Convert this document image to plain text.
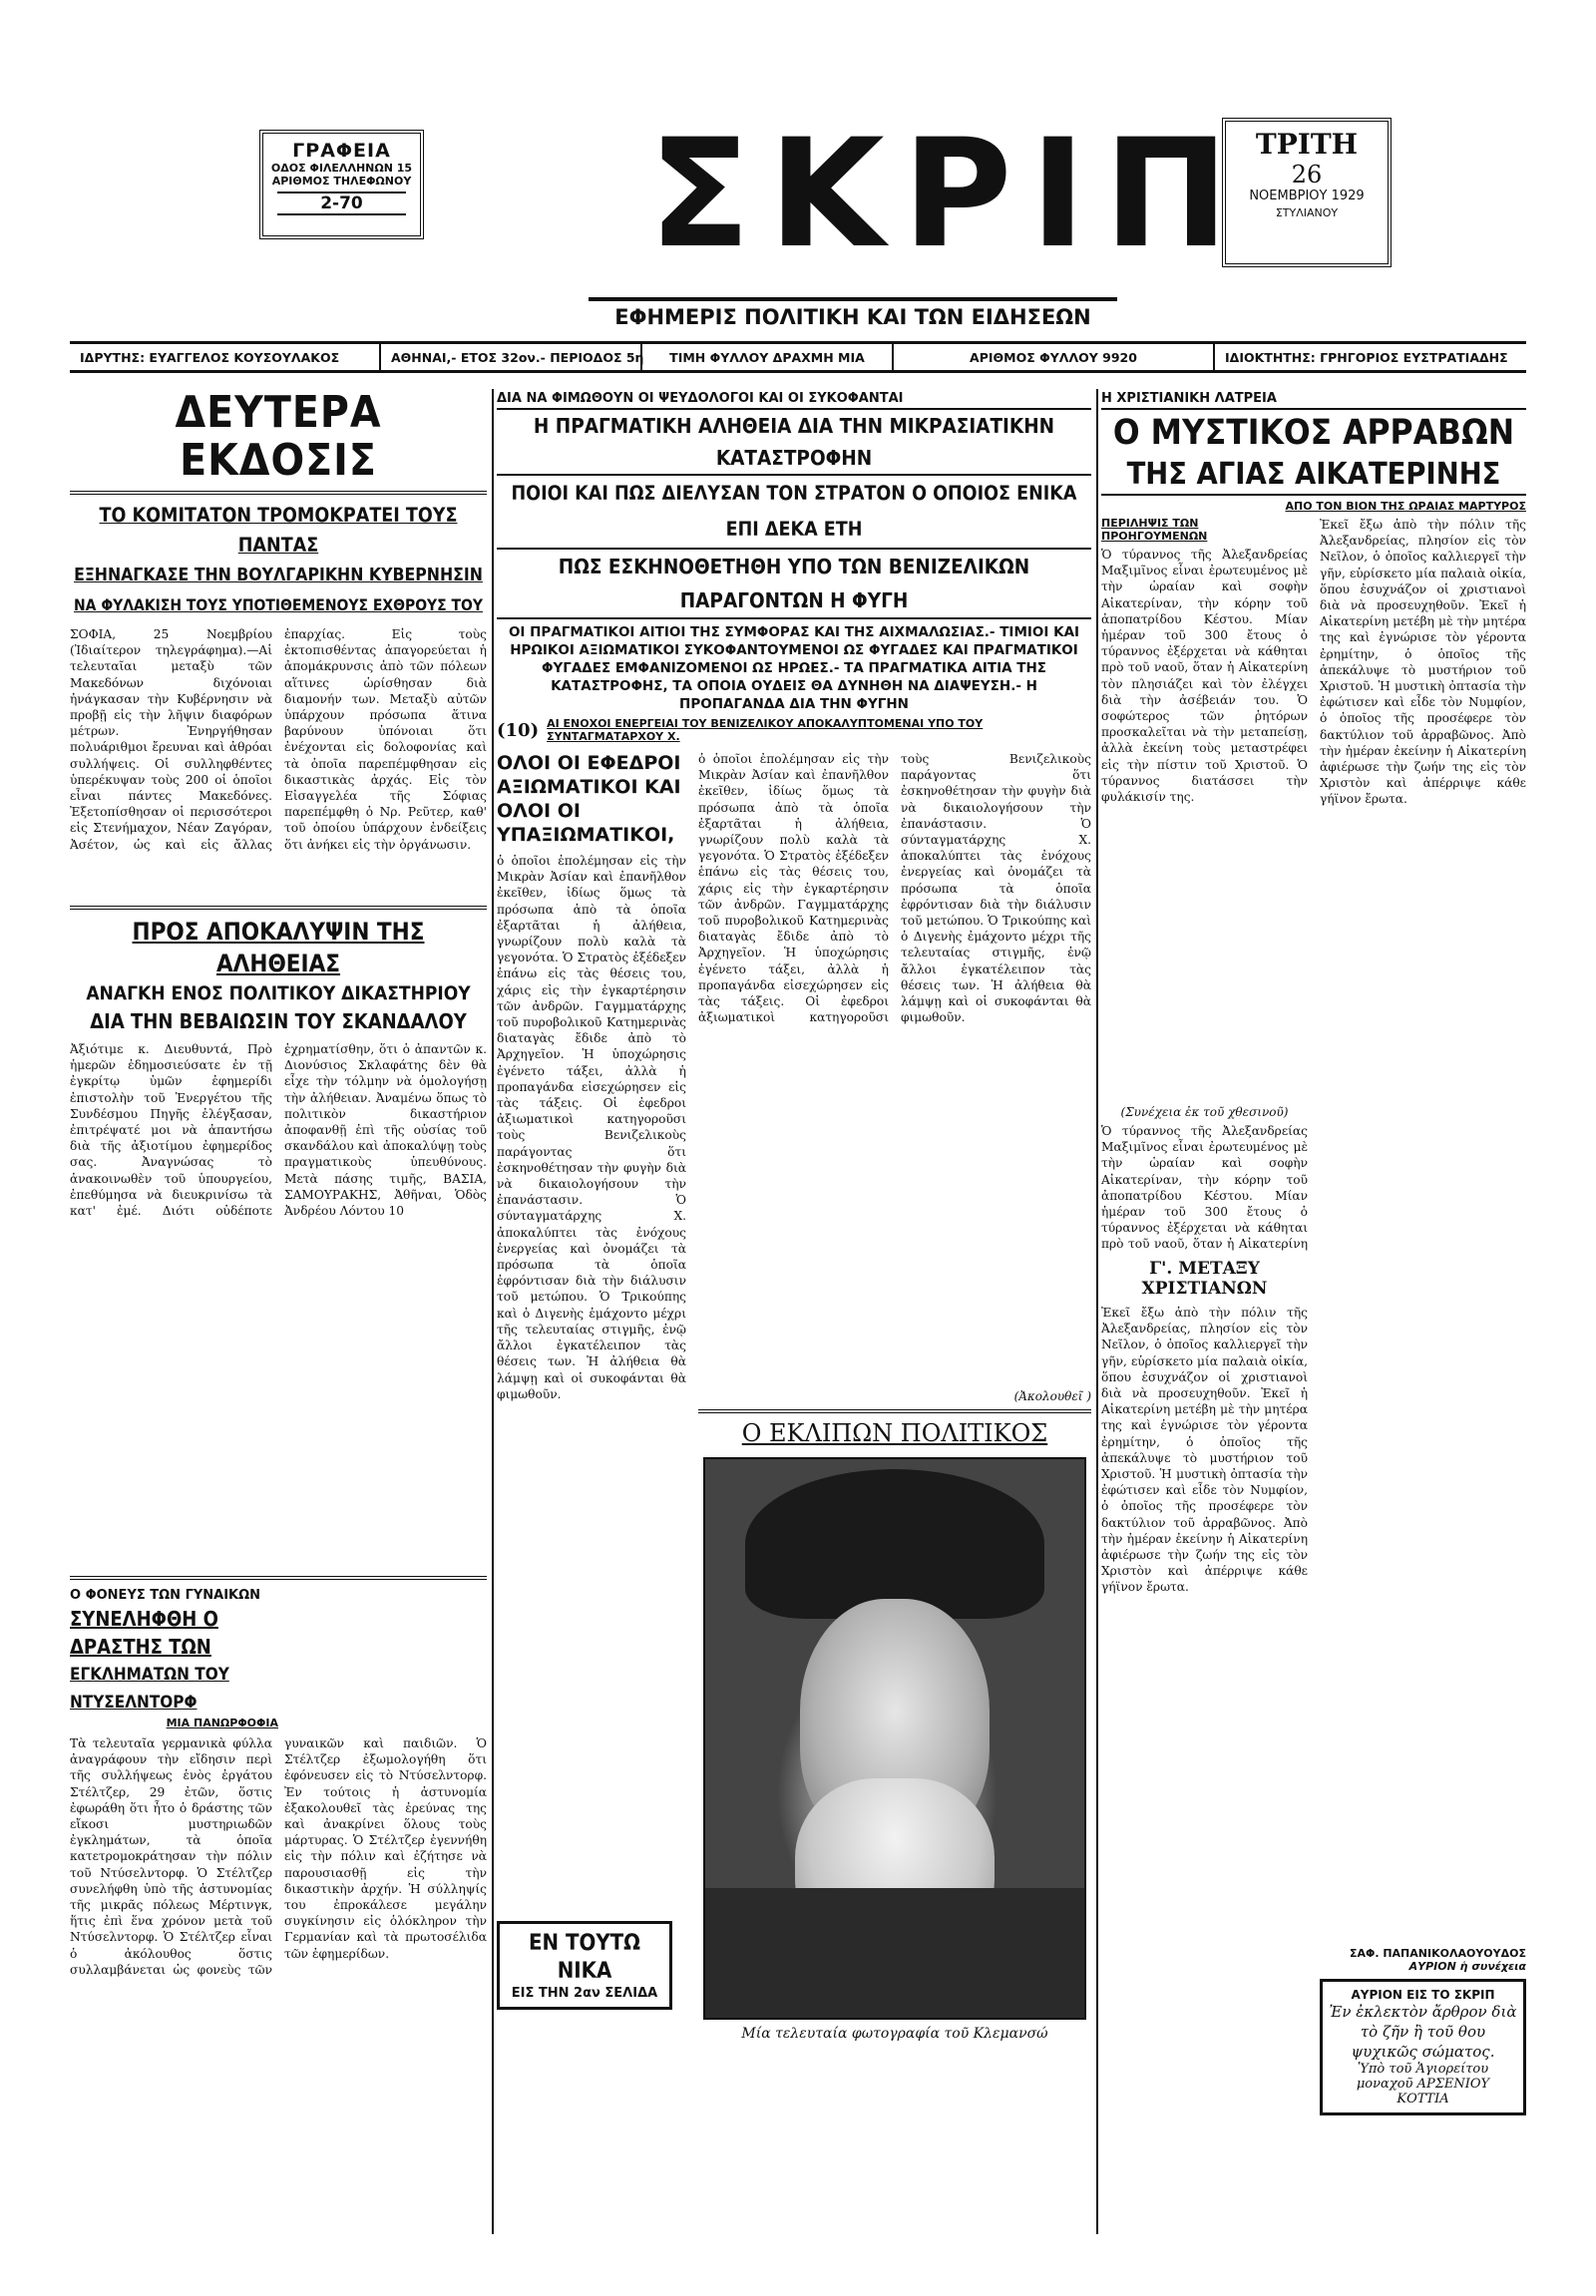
ΓΡΑΦΕΙΑ
ΟΔΟΣ ΦΙΛΕΛΛΗΝΩΝ 15
ΑΡΙΘΜΟΣ ΤΗΛΕΦΩΝΟΥ
2-70 ΣΚΡΙΠ ΤΡΙΤΗ
26
ΝΟΕΜΒΡΙΟΥ 1929
ΣΤΥΛΙΑΝΟΥ
ΕΦΗΜΕΡΙΣ ΠΟΛΙΤΙΚΗ ΚΑΙ ΤΩΝ ΕΙΔΗΣΕΩΝ
ΙΔΡΥΤΗΣ: ΕΥΑΓΓΕΛΟΣ ΚΟΥΣΟΥΛΑΚΟΣ	ΑΘΗΝΑΙ,- ΕΤΟΣ 32ον.- ΠΕΡΙΟΔΟΣ 5η	ΤΙΜΗ ΦΥΛΛΟΥ ΔΡΑΧΜΗ ΜΙΑ	ΑΡΙΘΜΟΣ ΦΥΛΛΟΥ 9920	ΙΔΙΟΚΤΗΤΗΣ: ΓΡΗΓΟΡΙΟΣ ΕΥΣΤΡΑΤΙΑΔΗΣ
ΔΕΥΤΕΡΑ ΕΚΔΟΣΙΣ
ΤΟ ΚΟΜΙΤΑΤΟΝ ΤΡΟΜΟΚΡΑΤΕΙ ΤΟΥΣ ΠΑΝΤΑΣ
ΕΞΗΝΑΓΚΑΣΕ ΤΗΝ ΒΟΥΛΓΑΡΙΚΗΝ ΚΥΒΕΡΝΗΣΙΝ
ΝΑ ΦΥΛΑΚΙΣΗ ΤΟΥΣ ΥΠΟΤΙΘΕΜΕΝΟΥΣ ΕΧΘΡΟΥΣ ΤΟΥ
ΣΟΦΙΑ, 25 Νοεμβρίου (Ἰδιαίτερον τηλεγράφημα).—Αἱ τελευταῖαι μεταξὺ τῶν Μακεδόνων διχόνοιαι ἠνάγκασαν τὴν Κυβέρνησιν νὰ προβῇ εἰς τὴν λῆψιν διαφόρων μέτρων. Ἐνηργήθησαν πολυάριθμοι ἔρευναι καὶ ἀθρόαι συλλήψεις. Οἱ συλληφθέντες ὑπερέκυψαν τοὺς 200 οἱ ὁποῖοι εἶναι πάντες Μακεδόνες. Ἐξετοπίσθησαν οἱ περισσότεροι εἰς Στενήμαχον, Νέαν Ζαγόραν, Ἀσέτον, ὡς καὶ εἰς ἄλλας ἐπαρχίας. Εἰς τοὺς ἐκτοπισθέντας ἀπαγορεύεται ἡ ἀπομάκρυνσις ἀπὸ τῶν πόλεων αἵτινες ὡρίσθησαν διὰ διαμονήν των. Μεταξὺ αὐτῶν ὑπάρχουν πρόσωπα ἅτινα βαρύνουν ὑπόνοιαι ὅτι ἐνέχονται εἰς δολοφονίας καὶ τὰ ὁποῖα παρεπέμφθησαν εἰς δικαστικὰς ἀρχάς. Εἰς τὸν Εἰσαγγελέα τῆς Σόφιας παρεπέμφθη ὁ Νρ. Ρεῦτερ, καθ' τοῦ ὁποίου ὑπάρχουν ἐνδείξεις ὅτι ἀνήκει εἰς τὴν ὀργάνωσιν.
ΠΡΟΣ ΑΠΟΚΑΛΥΨΙΝ ΤΗΣ ΑΛΗΘΕΙΑΣ
ΑΝΑΓΚΗ ΕΝΟΣ ΠΟΛΙΤΙΚΟΥ ΔΙΚΑΣΤΗΡΙΟΥ
ΔΙΑ ΤΗΝ ΒΕΒΑΙΩΣΙΝ ΤΟΥ ΣΚΑΝΔΑΛΟΥ
Ἀξιότιμε κ. Διευθυντά, Πρὸ ἡμερῶν ἐδημοσιεύσατε ἐν τῇ ἐγκρίτῳ ὑμῶν ἐφημερίδι ἐπιστολὴν τοῦ Ἐνεργέτου τῆς Συνδέσμου Πηγῆς ἐλέγξασαν, ἐπιτρέψατέ μοι νὰ ἀπαντήσω διὰ τῆς ἀξιοτίμου ἐφημερίδος σας. Ἀναγνώσας τὸ ἀνακοινωθὲν τοῦ ὑπουργείου, ἐπεθύμησα νὰ διευκρινίσω τὰ κατ' ἐμέ. Διότι οὐδέποτε ἐχρηματίσθην, ὅτι ὁ ἀπαντῶν κ. Διονύσιος Σκλαφάτης δὲν θὰ εἶχε τὴν τόλμην νὰ ὁμολογήσῃ τὴν ἀλήθειαν. Ἀναμένω ὅπως τὸ πολιτικὸν δικαστήριον ἀποφανθῇ ἐπὶ τῆς οὐσίας τοῦ σκανδάλου καὶ ἀποκαλύψῃ τοὺς πραγματικοὺς ὑπευθύνους. Μετὰ πάσης τιμῆς, ΒΑΣΙΑ, ΣΑΜΟΥΡΑΚΗΣ, Ἀθῆναι, Ὁδὸς Ἀνδρέου Λόντου 10
Ο ΦΟΝΕΥΣ ΤΩΝ ΓΥΝΑΙΚΩΝ
ΣΥΝΕΛΗΦΘΗ Ο ΔΡΑΣΤΗΣ ΤΩΝ
ΕΓΚΛΗΜΑΤΩΝ ΤΟΥ ΝΤΥΣΕΛΝΤΟΡΦ
ΜΙΑ ΠΑΝΩΡΦΟΦΙΑ
Τὰ τελευταῖα γερμανικὰ φύλλα ἀναγράφουν τὴν εἴδησιν περὶ τῆς συλλήψεως ἑνὸς ἐργάτου Στέλτζερ, 29 ἐτῶν, ὅστις ἐφωράθη ὅτι ἦτο ὁ δράστης τῶν εἴκοσι μυστηριωδῶν ἐγκλημάτων, τὰ ὁποῖα κατετρομοκράτησαν τὴν πόλιν τοῦ Ντύσελντορφ. Ὁ Στέλτζερ συνελήφθη ὑπὸ τῆς ἀστυνομίας τῆς μικρᾶς πόλεως Μέρτινγκ, ἥτις ἐπὶ ἕνα χρόνον μετὰ τοῦ Ντύσελντορφ. Ὁ Στέλτζερ εἶναι ὁ ἀκόλουθος ὅστις συλλαμβάνεται ὡς φονεὺς τῶν γυναικῶν καὶ παιδιῶν. Ὁ Στέλτζερ ἐξωμολογήθη ὅτι ἐφόνευσεν εἰς τὸ Ντύσελντορφ. Ἐν τούτοις ἡ ἀστυνομία ἐξακολουθεῖ τὰς ἐρεύνας της καὶ ἀνακρίνει ὅλους τοὺς μάρτυρας. Ὁ Στέλτζερ ἐγεννήθη εἰς τὴν πόλιν καὶ ἐζήτησε νὰ παρουσιασθῇ εἰς τὴν δικαστικὴν ἀρχήν. Ἡ σύλληψίς του ἐπροκάλεσε μεγάλην συγκίνησιν εἰς ὁλόκληρον τὴν Γερμανίαν καὶ τὰ πρωτοσέλιδα τῶν ἐφημερίδων.
ΔΙΑ ΝΑ ΦΙΜΩΘΟΥΝ ΟΙ ΨΕΥΔΟΛΟΓΟΙ ΚΑΙ ΟΙ ΣΥΚΟΦΑΝΤΑΙ
Η ΠΡΑΓΜΑΤΙΚΗ ΑΛΗΘΕΙΑ ΔΙΑ ΤΗΝ ΜΙΚΡΑΣΙΑΤΙΚΗΝ ΚΑΤΑΣΤΡΟΦΗΝ
ΠΟΙΟΙ ΚΑΙ ΠΩΣ ΔΙΕΛΥΣΑΝ ΤΟΝ ΣΤΡΑΤΟΝ Ο ΟΠΟΙΟΣ ΕΝΙΚΑ ΕΠΙ ΔΕΚΑ ΕΤΗ
ΠΩΣ ΕΣΚΗΝΟΘΕΤΗΘΗ ΥΠΟ ΤΩΝ ΒΕΝΙΖΕΛΙΚΩΝ ΠΑΡΑΓΟΝΤΩΝ Η ΦΥΓΗ
ΟΙ ΠΡΑΓΜΑΤΙΚΟΙ ΑΙΤΙΟΙ ΤΗΣ ΣΥΜΦΟΡΑΣ ΚΑΙ ΤΗΣ ΑΙΧΜΑΛΩΣΙΑΣ.- ΤΙΜΙΟΙ ΚΑΙ ΗΡΩΙΚΟΙ ΑΞΙΩΜΑΤΙΚΟΙ ΣΥΚΟΦΑΝΤΟΥΜΕΝΟΙ ΩΣ ΦΥΓΑΔΕΣ ΚΑΙ ΠΡΑΓΜΑΤΙΚΟΙ ΦΥΓΑΔΕΣ ΕΜΦΑΝΙΖΟΜΕΝΟΙ ΩΣ ΗΡΩΕΣ.- ΤΑ ΠΡΑΓΜΑΤΙΚΑ ΑΙΤΙΑ ΤΗΣ ΚΑΤΑΣΤΡΟΦΗΣ, ΤΑ ΟΠΟΙΑ ΟΥΔΕΙΣ ΘΑ ΔΥΝΗΘΗ ΝΑ ΔΙΑΨΕΥΣΗ.- Η ΠΡΟΠΑΓΑΝΔΑ ΔΙΑ ΤΗΝ ΦΥΓΗΝ
(10) ΑΙ ΕΝΟΧΟΙ ΕΝΕΡΓΕΙΑΙ ΤΟΥ ΒΕΝΙΖΕΛΙΚΟΥ ΑΠΟΚΑΛΥΠΤΟΜΕΝΑΙ ΥΠΟ ΤΟΥ ΣΥΝΤΑΓΜΑΤΑΡΧΟΥ Χ.
ΟΛΟΙ ΟΙ ΕΦΕΔΡΟΙ ΑΞΙΩΜΑΤΙΚΟΙ ΚΑΙ ΟΛΟΙ ΟΙ ΥΠΑΞΙΩΜΑΤΙΚΟΙ,
ὁ ὁποῖοι ἐπολέμησαν εἰς τὴν Μικρὰν Ἀσίαν καὶ ἐπανῆλθον ἐκεῖθεν, ἰδίως ὅμως τὰ πρόσωπα ἀπὸ τὰ ὁποῖα ἐξαρτᾶται ἡ ἀλήθεια, γνωρίζουν πολὺ καλὰ τὰ γεγονότα. Ὁ Στρατὸς ἐξέδεξεν ἑπάνω εἰς τὰς θέσεις του, χάρις εἰς τὴν ἐγκαρτέρησιν τῶν ἀνδρῶν. Γαγμματάρχης τοῦ πυροβολικοῦ Κατημερινὰς διαταγὰς ἔδιδε ἀπὸ τὸ Ἀρχηγεῖον. Ἡ ὑποχώρησις ἐγένετο τάξει, ἀλλὰ ἡ προπαγάνδα εἰσεχώρησεν εἰς τὰς τάξεις. Οἱ ἐφεδροι ἀξιωματικοὶ κατηγοροῦσι τοὺς Βενιζελικοὺς παράγοντας ὅτι ἐσκηνοθέτησαν τὴν φυγὴν διὰ νὰ δικαιολογήσουν τὴν ἐπανάστασιν. Ὁ σύνταγματάρχης Χ. ἀποκαλύπτει τὰς ἐνόχους ἐνεργείας καὶ ὀνομάζει τὰ πρόσωπα τὰ ὁποῖα ἐφρόντισαν διὰ τὴν διάλυσιν τοῦ μετώπου. Ὁ Τρικούπης καὶ ὁ Διγενὴς ἐμάχοντο μέχρι τῆς τελευταίας στιγμῆς, ἐνῷ ἄλλοι ἐγκατέλειπον τὰς θέσεις των. Ἡ ἀλήθεια θὰ λάμψῃ καὶ οἱ συκοφάνται θὰ φιμωθοῦν.
ὁ ὁποῖοι ἐπολέμησαν εἰς τὴν Μικρὰν Ἀσίαν καὶ ἐπανῆλθον ἐκεῖθεν, ἰδίως ὅμως τὰ πρόσωπα ἀπὸ τὰ ὁποῖα ἐξαρτᾶται ἡ ἀλήθεια, γνωρίζουν πολὺ καλὰ τὰ γεγονότα. Ὁ Στρατὸς ἐξέδεξεν ἑπάνω εἰς τὰς θέσεις του, χάρις εἰς τὴν ἐγκαρτέρησιν τῶν ἀνδρῶν. Γαγμματάρχης τοῦ πυροβολικοῦ Κατημερινὰς διαταγὰς ἔδιδε ἀπὸ τὸ Ἀρχηγεῖον. Ἡ ὑποχώρησις ἐγένετο τάξει, ἀλλὰ ἡ προπαγάνδα εἰσεχώρησεν εἰς τὰς τάξεις. Οἱ ἐφεδροι ἀξιωματικοὶ κατηγοροῦσι τοὺς Βενιζελικοὺς παράγοντας ὅτι ἐσκηνοθέτησαν τὴν φυγὴν διὰ νὰ δικαιολογήσουν τὴν ἐπανάστασιν. Ὁ σύνταγματάρχης Χ. ἀποκαλύπτει τὰς ἐνόχους ἐνεργείας καὶ ὀνομάζει τὰ πρόσωπα τὰ ὁποῖα ἐφρόντισαν διὰ τὴν διάλυσιν τοῦ μετώπου. Ὁ Τρικούπης καὶ ὁ Διγενὴς ἐμάχοντο μέχρι τῆς τελευταίας στιγμῆς, ἐνῷ ἄλλοι ἐγκατέλειπον τὰς θέσεις των. Ἡ ἀλήθεια θὰ λάμψῃ καὶ οἱ συκοφάνται θὰ φιμωθοῦν.
(Ἀκολουθεῖ )
Ο ΕΚΛΙΠΩΝ ΠΟΛΙΤΙΚΟΣ
Μία τελευταία φωτογραφία τοῦ Κλεμανσώ
ΕΝ ΤΟΥΤΩ ΝΙΚΑ
ΕΙΣ ΤΗΝ 2αν ΣΕΛΙΔΑ
Η ΧΡΙΣΤΙΑΝΙΚΗ ΛΑΤΡΕΙΑ
Ο ΜΥΣΤΙΚΟΣ ΑΡΡΑΒΩΝ
ΤΗΣ ΑΓΙΑΣ ΑΙΚΑΤΕΡΙΝΗΣ
ΑΠΟ ΤΟΝ ΒΙΟΝ ΤΗΣ ΩΡΑΙΑΣ ΜΑΡΤΥΡΟΣ
ΠΕΡΙΛΗΨΙΣ ΤΩΝ ΠΡΟΗΓΟΥΜΕΝΩΝ
Ὁ τύραννος τῆς Ἀλεξανδρείας Μαξιμῖνος εἶναι ἐρωτευμένος μὲ τὴν ὡραίαν καὶ σοφὴν Αἰκατερίναν, τὴν κόρην τοῦ ἀποπατρίδου Κέστου. Μίαν ἡμέραν τοῦ 300 ἔτους ὁ τύραννος ἐξέρχεται νὰ κάθηται πρὸ τοῦ ναοῦ, ὅταν ἡ Αἰκατερίνη τὸν πλησιάζει καὶ τὸν ἐλέγχει διὰ τὴν ἀσέβειάν του. Ὁ σοφώτερος τῶν ῥητόρων προσκαλεῖται νὰ τὴν μεταπείσῃ, ἀλλὰ ἐκείνη τοὺς μεταστρέφει εἰς τὴν πίστιν τοῦ Χριστοῦ. Ὁ τύραννος διατάσσει τὴν φυλάκισίν της.
(Συνέχεια ἐκ τοῦ χθεσινοῦ)
Ὁ τύραννος τῆς Ἀλεξανδρείας Μαξιμῖνος εἶναι ἐρωτευμένος μὲ τὴν ὡραίαν καὶ σοφὴν Αἰκατερίναν, τὴν κόρην τοῦ ἀποπατρίδου Κέστου. Μίαν ἡμέραν τοῦ 300 ἔτους ὁ τύραννος ἐξέρχεται νὰ κάθηται πρὸ τοῦ ναοῦ, ὅταν ἡ Αἰκατερίνη
Γ'. ΜΕΤΑΞΥ ΧΡΙΣΤΙΑΝΩΝ
Ἐκεῖ ἔξω ἀπὸ τὴν πόλιν τῆς Ἀλεξανδρείας, πλησίον εἰς τὸν Νεῖλον, ὁ ὁποῖος καλλιεργεῖ τὴν γῆν, εὑρίσκετο μία παλαιὰ οἰκία, ὅπου ἐσυχνάζον οἱ χριστιανοὶ διὰ νὰ προσευχηθοῦν. Ἐκεῖ ἡ Αἰκατερίνη μετέβη μὲ τὴν μητέρα της καὶ ἐγνώρισε τὸν γέροντα ἐρημίτην, ὁ ὁποῖος τῆς ἀπεκάλυψε τὸ μυστήριον τοῦ Χριστοῦ. Ἡ μυστικὴ ὀπτασία τὴν ἐφώτισεν καὶ εἶδε τὸν Νυμφίον, ὁ ὁποῖος τῆς προσέφερε τὸν δακτύλιον τοῦ ἀρραβῶνος. Ἀπὸ τὴν ἡμέραν ἐκείνην ἡ Αἰκατερίνη ἀφιέρωσε τὴν ζωήν της εἰς τὸν Χριστὸν καὶ ἀπέρριψε κάθε γήϊνον ἔρωτα.
Ἐκεῖ ἔξω ἀπὸ τὴν πόλιν τῆς Ἀλεξανδρείας, πλησίον εἰς τὸν Νεῖλον, ὁ ὁποῖος καλλιεργεῖ τὴν γῆν, εὑρίσκετο μία παλαιὰ οἰκία, ὅπου ἐσυχνάζον οἱ χριστιανοὶ διὰ νὰ προσευχηθοῦν. Ἐκεῖ ἡ Αἰκατερίνη μετέβη μὲ τὴν μητέρα της καὶ ἐγνώρισε τὸν γέροντα ἐρημίτην, ὁ ὁποῖος τῆς ἀπεκάλυψε τὸ μυστήριον τοῦ Χριστοῦ. Ἡ μυστικὴ ὀπτασία τὴν ἐφώτισεν καὶ εἶδε τὸν Νυμφίον, ὁ ὁποῖος τῆς προσέφερε τὸν δακτύλιον τοῦ ἀρραβῶνος. Ἀπὸ τὴν ἡμέραν ἐκείνην ἡ Αἰκατερίνη ἀφιέρωσε τὴν ζωήν της εἰς τὸν Χριστὸν καὶ ἀπέρριψε κάθε γήϊνον ἔρωτα.
ΣΑΦ. ΠΑΠΑΝΙΚΟΛΑΟΥΟΥΔΟΣ
ΑΥΡΙΟΝ ἡ συνέχεια
ΑΥΡΙΟΝ ΕΙΣ ΤΟ ΣΚΡΙΠ
Ἐν ἐκλεκτὸν ἄρθρον διὰ τὸ ζῆν ἢ τοῦ θου ψυχικῶς σώματος.
Ὑπὸ τοῦ Ἁγιορείτου μοναχοῦ ΑΡΣΕΝΙΟΥ ΚΟΤΤΙΑ
